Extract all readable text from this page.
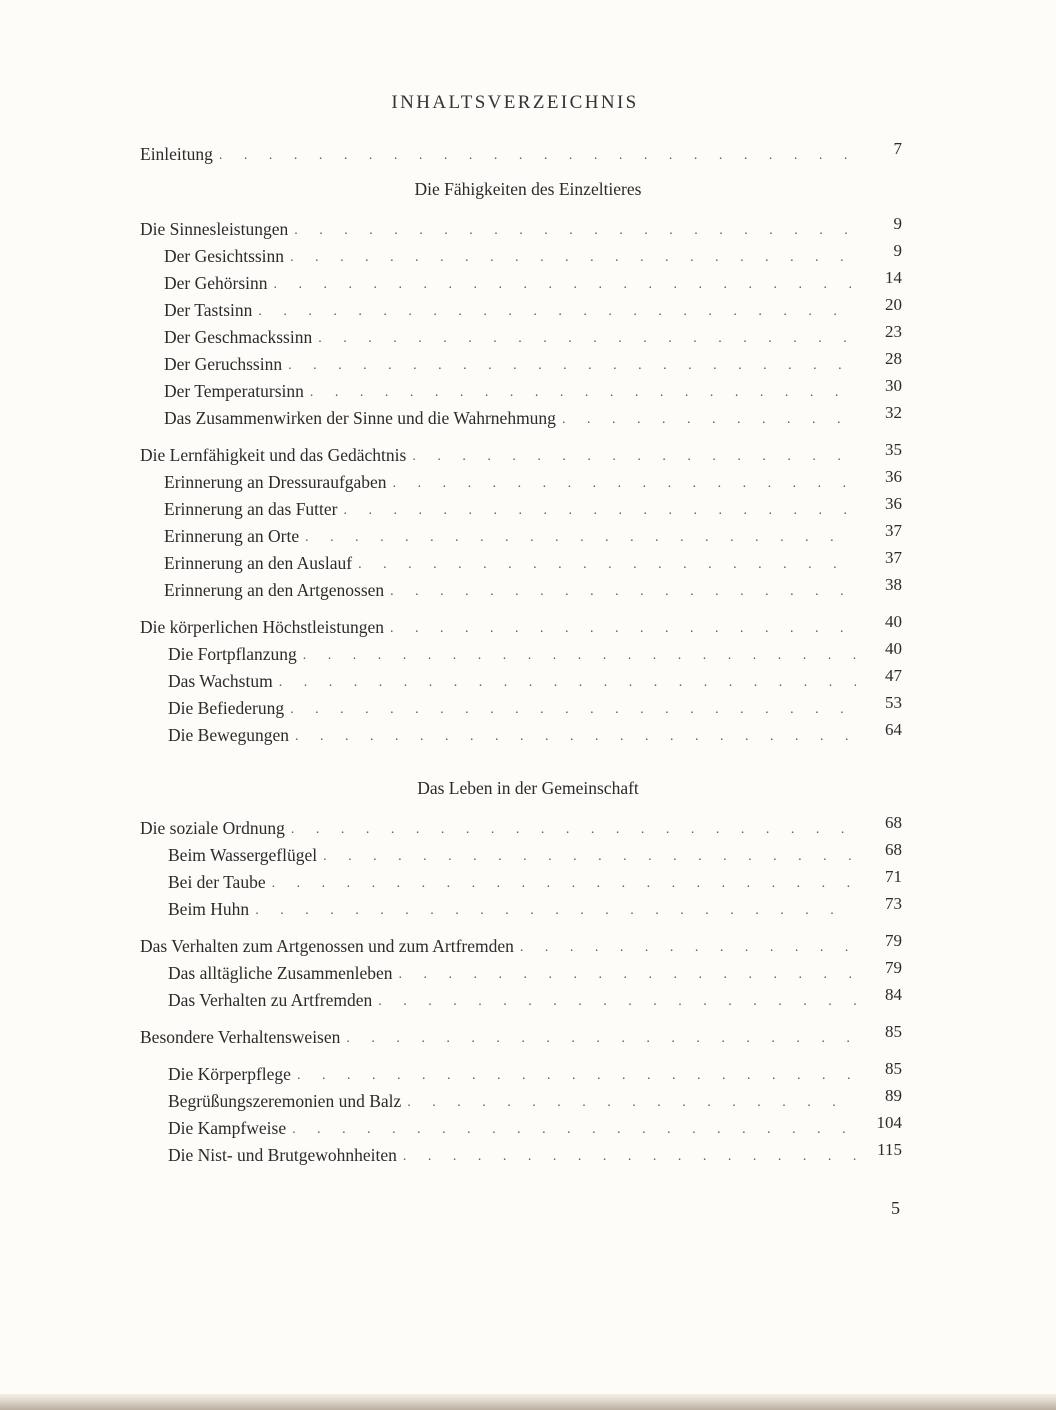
INHALTSVERZEICHNIS
Einleitung . . .	7
Die Fähigkeiten des Einzeltieres
Die Sinnesleistungen . . .	9
Der Gesichtssinn . . .	9
Der Gehörsinn . . .	14
Der Tastsinn . . .	20
Der Geschmackssinn . . .	23
Der Geruchssinn . . .	28
Der Temperatursinn . . .	30
Das Zusammenwirken der Sinne und die Wahrnehmung . . .	32
Die Lernfähigkeit und das Gedächtnis . . .	35
Erinnerung an Dressuraufgaben . . .	36
Erinnerung an das Futter . . .	36
Erinnerung an Orte . . .	37
Erinnerung an den Auslauf . . .	37
Erinnerung an den Artgenossen . . .	38
Die körperlichen Höchstleistungen . . .	40
Die Fortpflanzung . . .	40
Das Wachstum . . .	47
Die Befiederung . . .	53
Die Bewegungen . . .	64
Das Leben in der Gemeinschaft
Die soziale Ordnung . . .	68
Beim Wassergeflügel . . .	68
Bei der Taube . . .	71
Beim Huhn . . .	73
Das Verhalten zum Artgenossen und zum Artfremden . . .	79
Das alltägliche Zusammenleben . . .	79
Das Verhalten zu Artfremden . . .	84
Besondere Verhaltensweisen . . .	85
Die Körperpflege . . .	85
Begrüßungszeremonien und Balz . . .	89
Die Kampfweise . . .	104
Die Nist- und Brutgewohnheiten . . .	115
5
